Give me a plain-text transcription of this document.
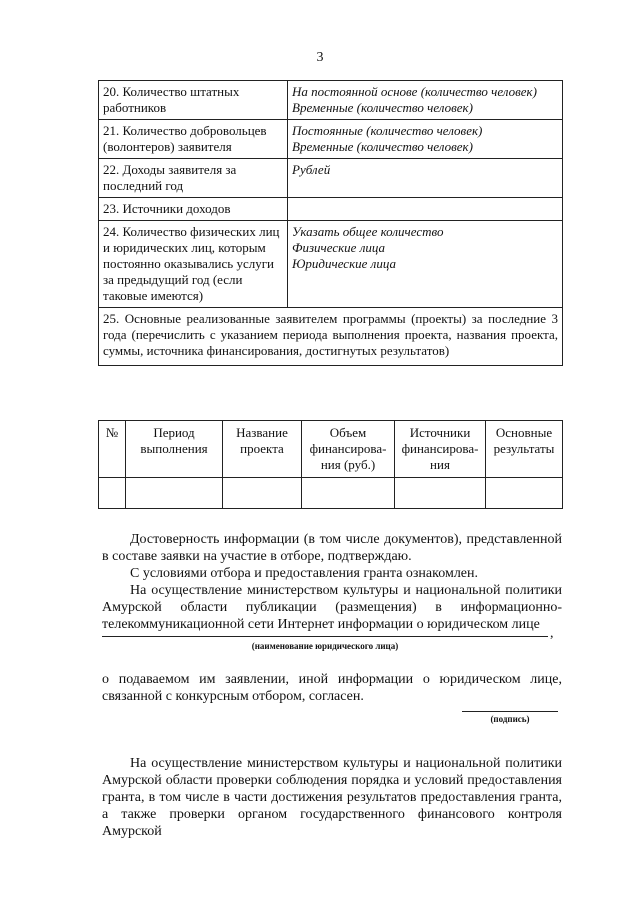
3
20. Количество штатных работников	На постоянной основе (количество человек)
Временные (количество человек)

21. Количество добровольцев (волонтеров) заявителя	Постоянные (количество человек)
Временные (количество человек)

22. Доходы заявителя за последний год	Рублей

23. Источники доходов	
24. Количество физических лиц и юридических лиц, которым постоянно оказывались услуги за предыдущий год (если таковые имеются)	Указать общее количество
Физические лица
Юридические лица

25. Основные реализованные заявителем программы (проекты) за последние 3 года (перечислить с указанием периода выполнения проекта, названия проекта, суммы, источника финансирования, достигнутых результатов)	
№	Период выполнения	Название проекта	Объем финансирова-ния (руб.)	Источники финансирова-ния	Основные результаты

Достоверность информации (в том числе документов), представленной в составе заявки на участие в отборе, подтверждаю.
С условиями отбора и предоставления гранта ознакомлен.
На осуществление министерством культуры и национальной политики Амурской области публикации (размещения) в информационно-телекоммуникационной сети Интернет информации о юридическом лице
,
(наименование юридического лица)
о подаваемом им заявлении, иной информации о юридическом лице, связанной с конкурсным отбором, согласен.
(подпись)
На осуществление министерством культуры и национальной политики Амурской области проверки соблюдения порядка и условий предоставления гранта, в том числе в части достижения результатов предоставления гранта, а также проверки органом государственного финансового контроля Амурской
